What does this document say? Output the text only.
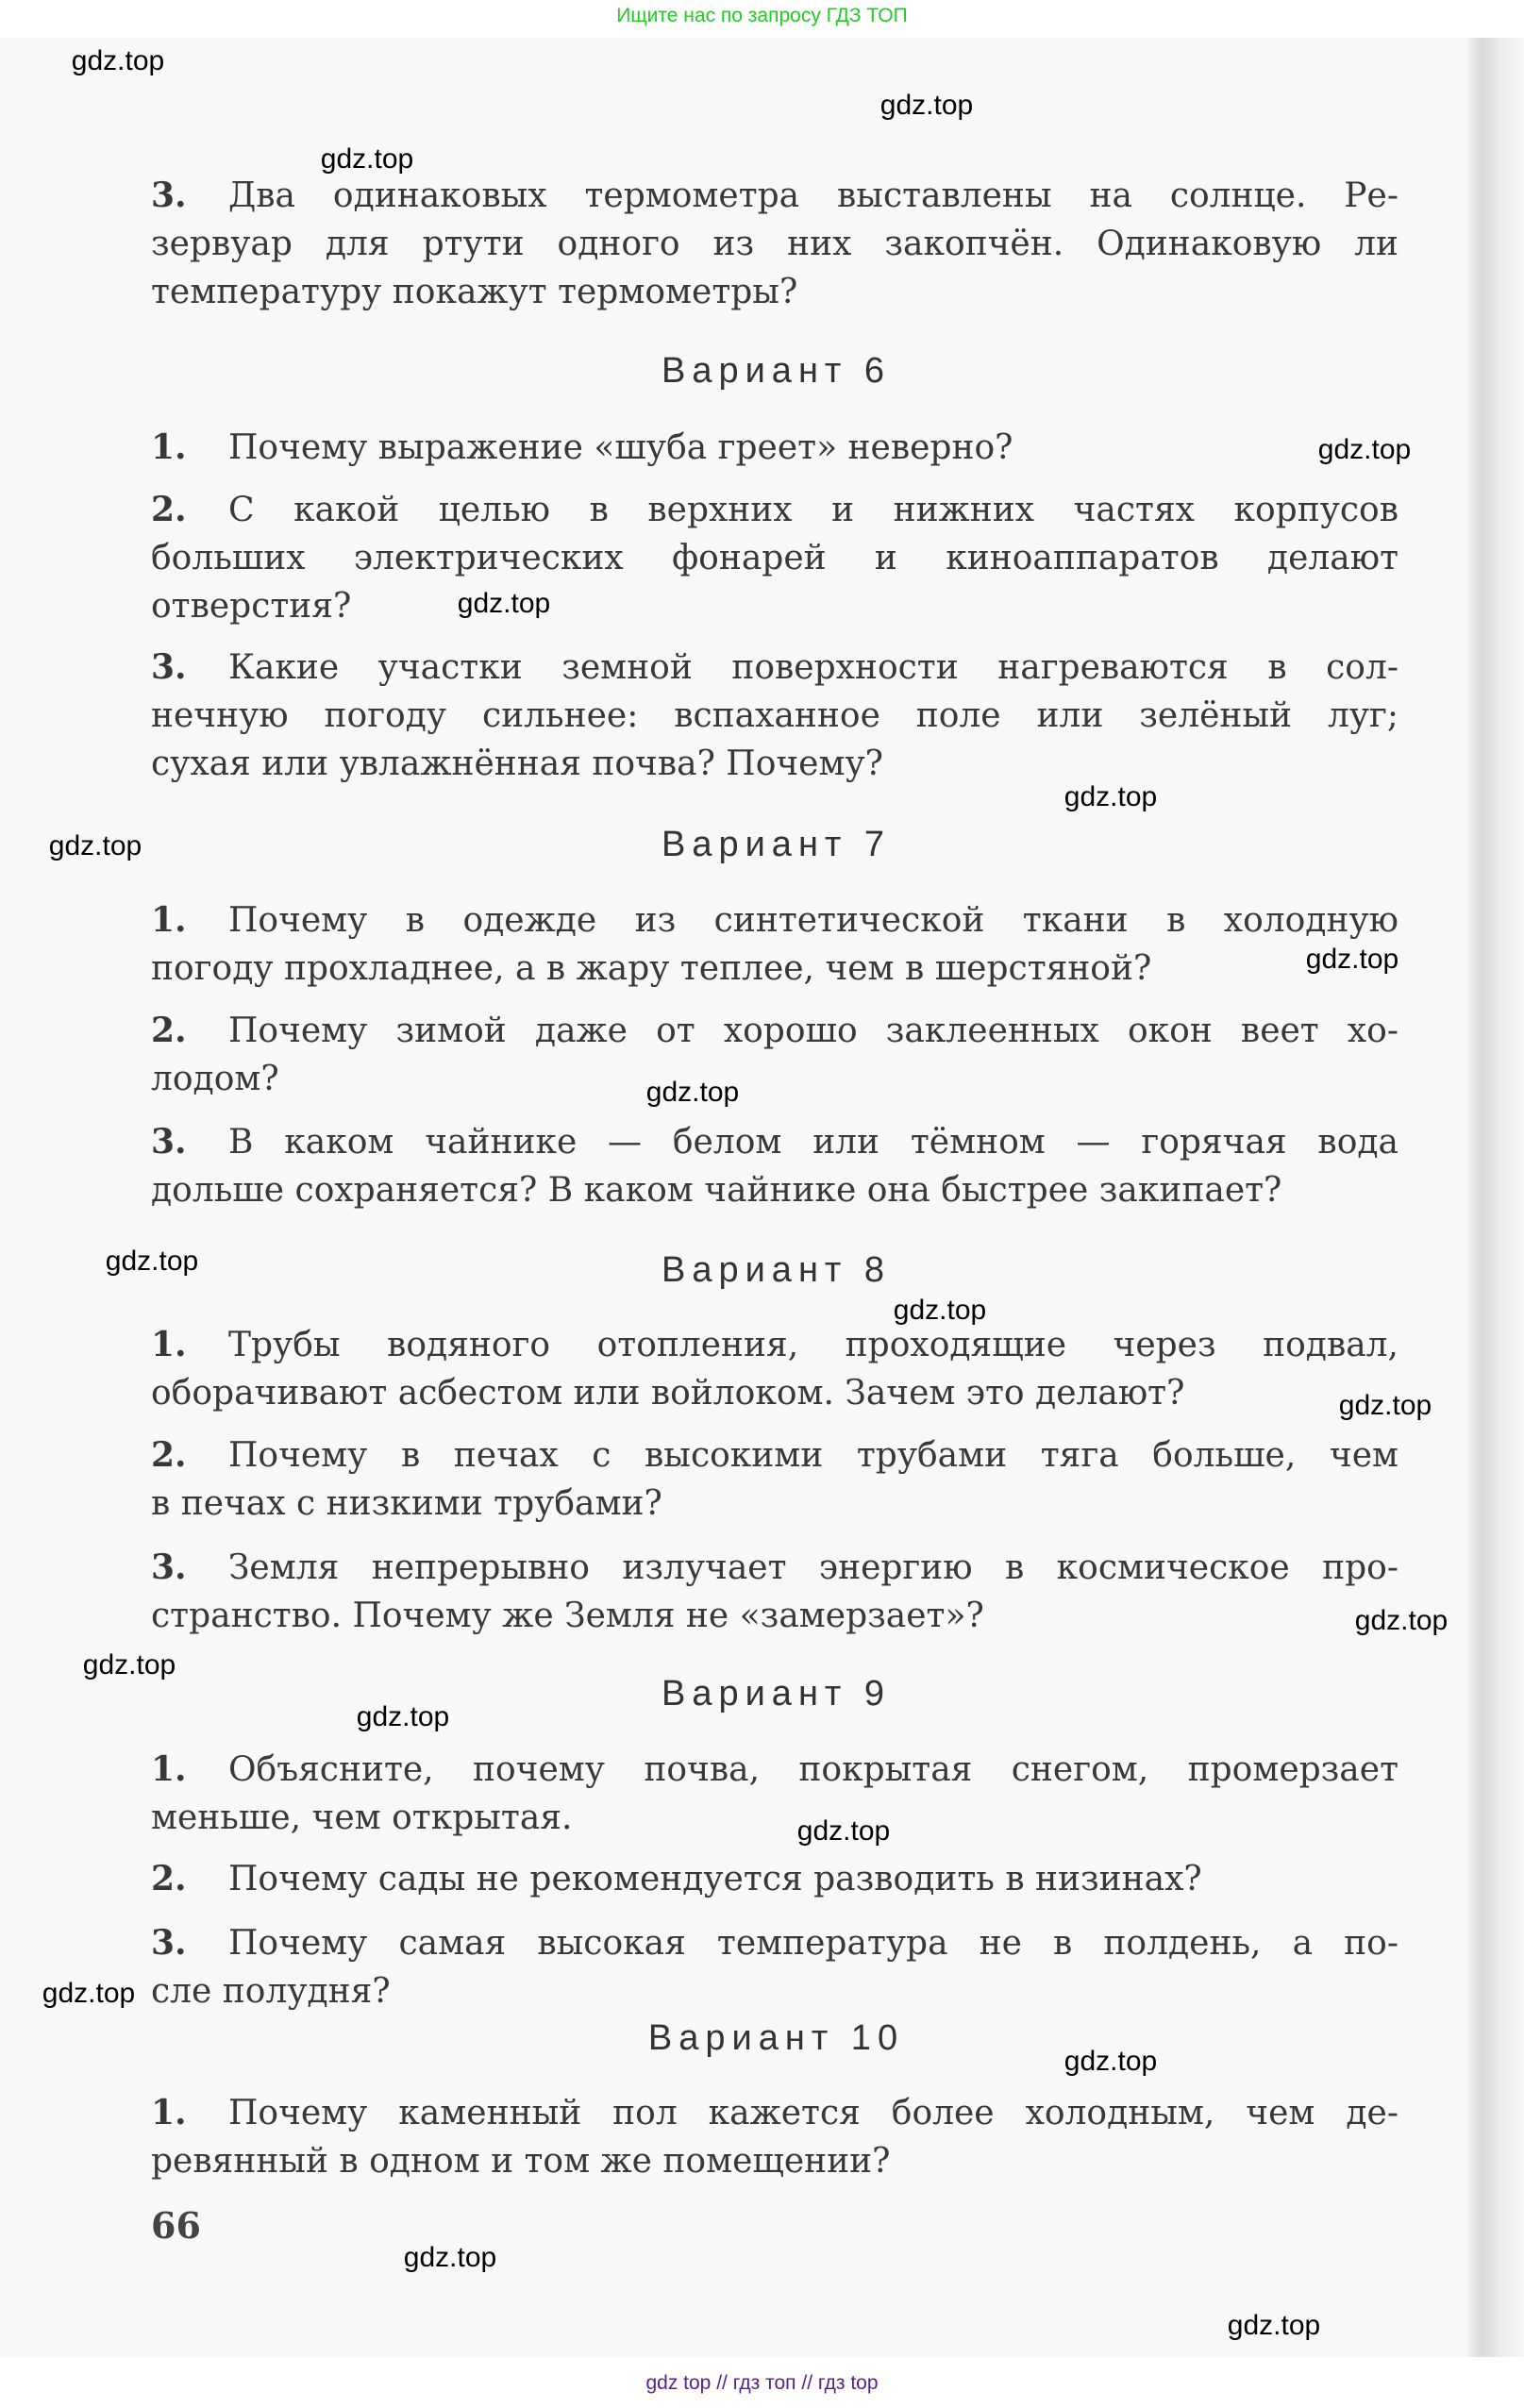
Ищите нас по запросу ГДЗ ТОП
3. Два одинаковых термометра выставлены на солнце. Ре-
зервуар для ртути одного из них закопчён. Одинаковую ли
температуру покажут термометры?
Вариант 6
1. Почему выражение «шуба греет» неверно?
2. С какой целью в верхних и нижних частях корпусов
больших электрических фонарей и киноаппаратов делают
отверстия?
3. Какие участки земной поверхности нагреваются в сол-
нечную погоду сильнее: вспаханное поле или зелёный луг;
сухая или увлажнённая почва? Почему?
Вариант 7
1. Почему в одежде из синтетической ткани в холодную
погоду прохладнее, а в жару теплее, чем в шерстяной?
2. Почему зимой даже от хорошо заклеенных окон веет хо-
лодом?
3. В каком чайнике — белом или тёмном — горячая вода
дольше сохраняется? В каком чайнике она быстрее закипает?
Вариант 8
1. Трубы водяного отопления, проходящие через подвал,
оборачивают асбестом или войлоком. Зачем это делают?
2. Почему в печах с высокими трубами тяга больше, чем
в печах с низкими трубами?
3. Земля непрерывно излучает энергию в космическое про-
странство. Почему же Земля не «замерзает»?
Вариант 9
1. Объясните, почему почва, покрытая снегом, промерзает
меньше, чем открытая.
2. Почему сады не рекомендуется разводить в низинах?
3. Почему самая высокая температура не в полдень, а по-
сле полудня?
Вариант 10
1. Почему каменный пол кажется более холодным, чем де-
ревянный в одном и том же помещении?
66
gdz.top
gdz.top
gdz.top
gdz.top
gdz.top
gdz.top
gdz.top
gdz.top
gdz.top
gdz.top
gdz.top
gdz.top
gdz.top
gdz.top
gdz.top
gdz.top
gdz.top
gdz.top
gdz.top
gdz.top
gdz top // гдз топ // гдз top
